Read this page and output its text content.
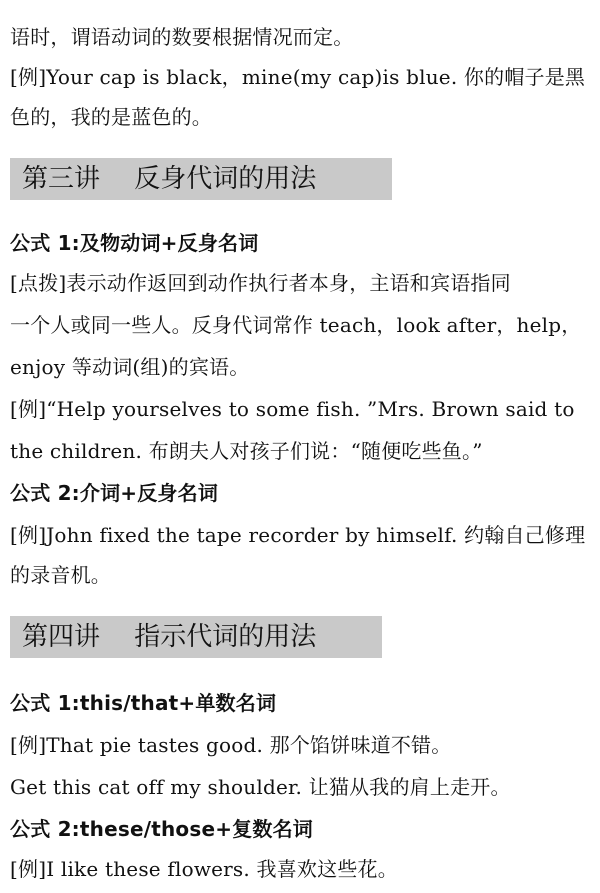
语时，谓语动词的数要根据情况而定。
[例]Your cap is black，mine(my cap)is blue. 你的帽子是黑
色的，我的是蓝色的。
第三讲　 反身代词的用法
公式 1:及物动词+反身名词
[点拨]表示动作返回到动作执行者本身，主语和宾语指同
一个人或同一些人。反身代词常作 teach，look after，help，
enjoy 等动词(组)的宾语。
[例]“Help yourselves to some fish. ”Mrs. Brown said to
the children. 布朗夫人对孩子们说：“随便吃些鱼。”
公式 2:介词+反身名词
[例]John fixed the tape recorder by himself. 约翰自己修理
的录音机。
第四讲　 指示代词的用法
公式 1:this/that+单数名词
[例]That pie tastes good. 那个馅饼味道不错。
Get this cat off my shoulder. 让猫从我的肩上走开。
公式 2:these/those+复数名词
[例]I like these flowers. 我喜欢这些花。
